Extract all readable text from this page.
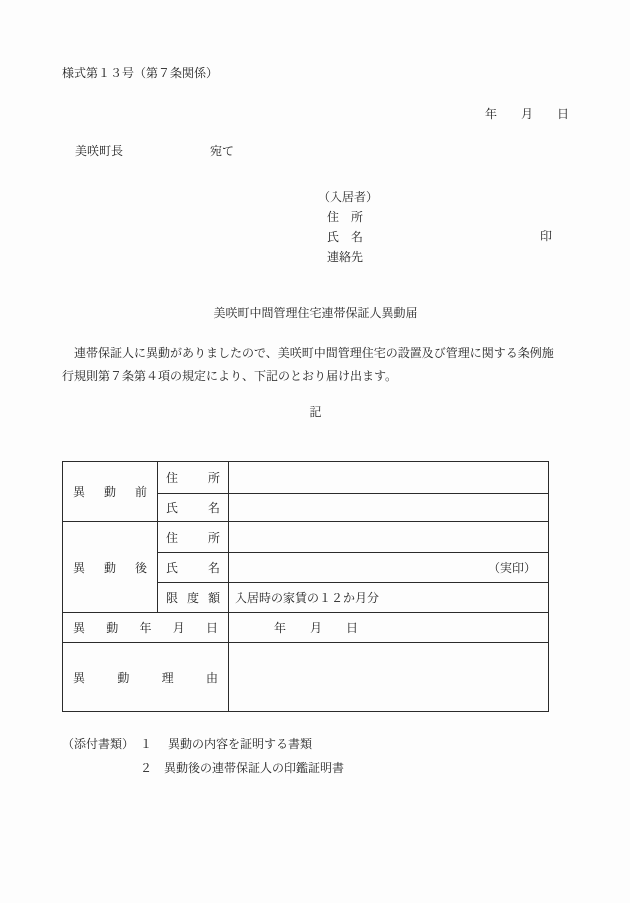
様式第１３号（第７条関係）
年　　月　　日
美咲町長	宛て
（入居者）
住　所
氏　名
連絡先
印
美咲町中間管理住宅連帯保証人異動届
　連帯保証人に異動がありましたので、美咲町中間管理住宅の設置及び管理に関する条例施
行規則第７条第４項の規定により、下記のとおり届け出ます。
記
異動前	住所	
	氏名	
異動後	住所	
	氏名	（実印）
	限度額	入居時の家賃の１２か月分
異動年月日		年　　月　　日
異動理由		
（添付書類） １ 異動の内容を証明する書類
２ 異動後の連帯保証人の印鑑証明書
